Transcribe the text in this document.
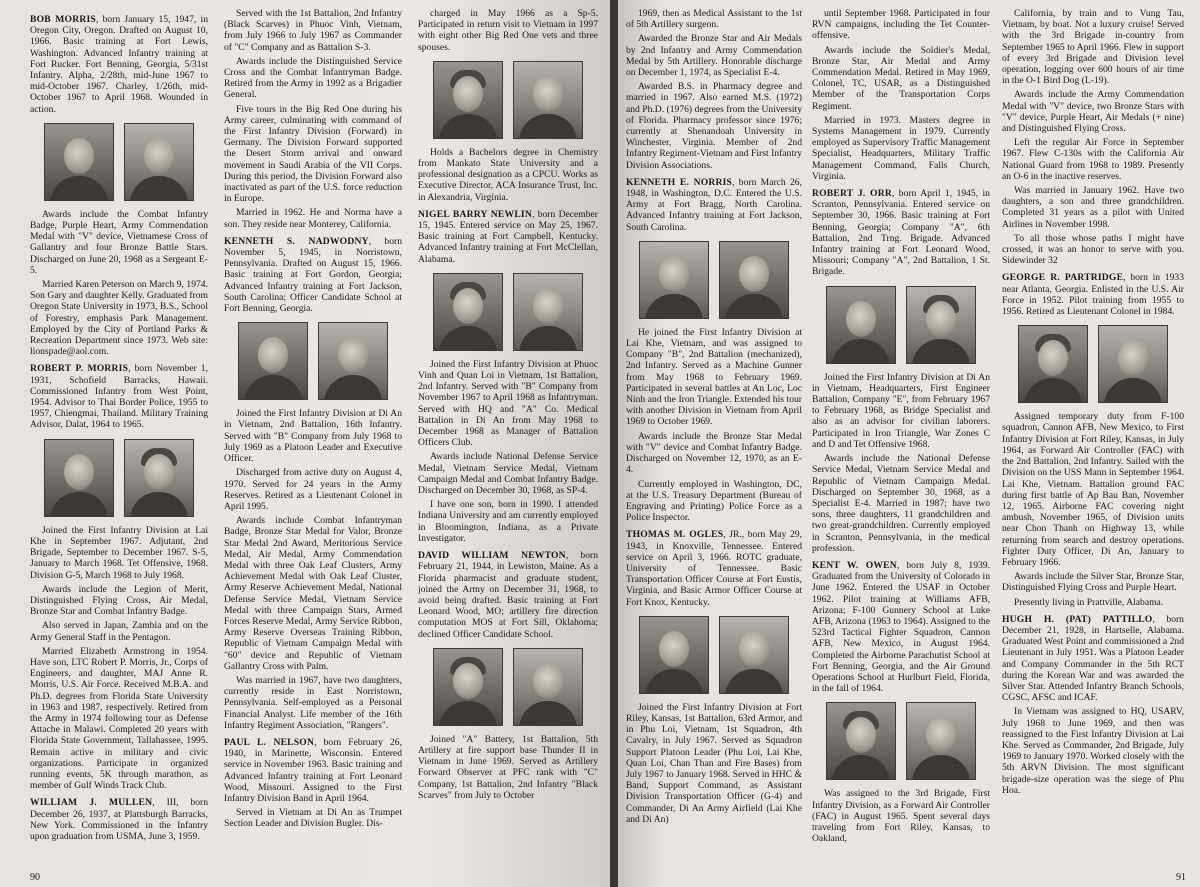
BOB MORRIS, born January 15, 1947, in Oregon City, Oregon. Drafted on August 10, 1966. Basic training at Fort Lewis, Washington. Advanced Infantry training at Fort Rucker. Fort Benning, Georgia, 5/31st Infantry. Alpha, 2/28th, mid-June 1967 to mid-October 1967. Charley, 1/26th, mid-October 1967 to April 1968. Wounded in action.

Awards include the Combat Infantry Badge, Purple Heart, Army Commendation Medal with "V" device, Vietnamese Cross of Gallantry and four Bronze Battle Stars. Discharged on June 20, 1968 as a Sergeant E-5.

Married Karen Peterson on March 9, 1974. Son Gary and daughter Kelly. Graduated from Oregon State University in 1973, B.S., School of Forestry, emphasis Park Management. Employed by the City of Portland Parks & Recreation Department since 1973. Web site: lionspade@aol.com.

ROBERT P. MORRIS, born November 1, 1931, Schofield Barracks, Hawaii. Commissioned Infantry from West Point, 1954. Advisor to Thai Border Police, 1955 to 1957, Chiengmai, Thailand. Military Training Advisor, Dalat, 1964 to 1965.

Joined the First Infantry Division at Lai Khe in September 1967. Adjutant, 2nd Brigade, September to December 1967. S-5, January to March 1968. Tet Offensive, 1968. Division G-5, March 1968 to July 1968.

Awards include the Legion of Merit, Distinguished Flying Cross, Air Medal, Bronze Star and Combat Infantry Badge.

Also served in Japan, Zambia and on the Army General Staff in the Pentagon.

Married Elizabeth Armstrong in 1954. Have son, LTC Robert P. Morris, Jr., Corps of Engineers, and daughter, MAJ Anne R. Morris, U.S. Air Force. Received M.B.A. and Ph.D. degrees from Florida State University in 1963 and 1987, respectively. Retired from the Army in 1974 following tour as Defense Attache in Malawi. Completed 20 years with Florida State Government, Tallahassee, 1995. Remain active in military and civic organizations. Participate in organized running events, 5K through marathon, as member of Gulf Winds Track Club.

WILLIAM J. MULLEN, III, born December 26, 1937, at Plattsburgh Barracks, New York. Commissioned in the Infantry upon graduation from USMA, June 3, 1959.

Served with the 1st Battalion, 2nd Infantry (Black Scarves) in Phuoc Vinh, Vietnam, from July 1966 to July 1967 as Commander of "C" Company and as Battalion S-3.

Awards include the Distinguished Service Cross and the Combat Infantryman Badge. Retired from the Army in 1992 as a Brigadier General.

Five tours in the Big Red One during his Army career, culminating with command of the First Infantry Division (Forward) in Germany. The Division Forward supported the Desert Storm arrival and onward movement in Saudi Arabia of the VII Corps. During this period, the Division Forward also inactivated as part of the U.S. force reduction in Europe.

Married in 1962. He and Norma have a son. They reside near Monterey, California.

KENNETH S. NADWODNY, born November 5, 1945, in Norristown, Pennsylvania. Drafted on August 15, 1966. Basic training at Fort Gordon, Georgia; Advanced Infantry training at Fort Jackson, South Carolina; Officer Candidate School at Fort Benning, Georgia.

Joined the First Infantry Division at Di An in Vietnam, 2nd Battalion, 16th Infantry. Served with "B" Company from July 1968 to July 1969 as a Platoon Leader and Executive Officer.

Discharged from active duty on August 4, 1970. Served for 24 years in the Army Reserves. Retired as a Lieutenant Colonel in April 1995.

Awards include Combat Infantryman Badge, Bronze Star Medal for Valor, Bronze Star Medal 2nd Award, Meritorious Service Medal, Air Medal, Army Commendation Medal with three Oak Leaf Clusters, Army Achievement Medal with Oak Leaf Cluster, Army Reserve Achievement Medal, National Defense Service Medal, Vietnam Service Medal with three Campaign Stars, Armed Forces Reserve Medal, Army Service Ribbon, Army Reserve Overseas Training Ribbon, Republic of Vietnam Campaign Medal with "60" device and Republic of Vietnam Gallantry Cross with Palm.

Was married in 1967, have two daughters, currently reside in East Norristown, Pennsylvania. Self-employed as a Personal Financial Analyst. Life member of the 16th Infantry Regiment Association, "Rangers".

PAUL L. NELSON, born February 26, 1940, in Marinette, Wisconsin. Entered service in November 1963. Basic training and Advanced Infantry training at Fort Leonard Wood, Missouri. Assigned to the First Infantry Division Band in April 1964.

Served in Vietnam at Di An as Trumpet Section Leader and Division Bugler. Dis-

charged in May 1966 as a Sp-5. Participated in return visit to Vietnam in 1997 with eight other Big Red One vets and three spouses.

Holds a Bachelors degree in Chemistry from Mankato State University and a professional designation as a CPCU. Works as Executive Director, ACA Insurance Trust, Inc. in Alexandria, Virginia.

NIGEL BARRY NEWLIN, born December 15, 1945. Entered service on May 25, 1967. Basic training at Fort Campbell, Kentucky. Advanced Infantry training at Fort McClellan, Alabama.

Joined the First Infantry Division at Phuoc Vinh and Quan Loi in Vietnam, 1st Battalion, 2nd Infantry. Served with "B" Company from November 1967 to April 1968 as Infantryman. Served with HQ and "A" Co. Medical Battalion in Di An from May 1968 to December 1968 as Manager of Battalion Officers Club.

Awards include National Defense Service Medal, Vietnam Service Medal, Vietnam Campaign Medal and Combat Infantry Badge. Discharged on December 30, 1968, as SP-4.

I have one son, born in 1990. I attended Indiana University and am currently employed in Bloomington, Indiana, as a Private Investigator.

DAVID WILLIAM NEWTON, born February 21, 1944, in Lewiston, Maine. As a Florida pharmacist and graduate student, joined the Army on December 31, 1968, to avoid being drafted. Basic training at Fort Leonard Wood, MO; artillery fire direction computation MOS at Fort Sill, Oklahoma; declined Officer Candidate School.

Joined "A" Battery, 1st Battalion, 5th Artillery at fire support base Thunder II in Vietnam in June 1969. Served as Artillery Forward Observer at PFC rank with "C" Company, 1st Battalion, 2nd Infantry "Black Scarves" from July to October

90

1969, then as Medical Assistant to the 1st of 5th Artillery surgeon.

Awarded the Bronze Star and Air Medals by 2nd Infantry and Army Commendation Medal by 5th Artillery. Honorable discharge on December 1, 1974, as Specialist E-4.

Awarded B.S. in Pharmacy degree and married in 1967. Also earned M.S. (1972) and Ph.D. (1976) degrees from the University of Florida. Pharmacy professor since 1976; currently at Shenandoah University in Winchester, Virginia. Member of 2nd Infantry Regiment-Vietnam and First Infantry Division Associations.

KENNETH E. NORRIS, born March 26, 1948, in Washington, D.C. Entered the U.S. Army at Fort Bragg, North Carolina. Advanced Infantry training at Fort Jackson, South Carolina.

He joined the First Infantry Division at Lai Khe, Vietnam, and was assigned to Company "B", 2nd Battalion (mechanized), 2nd Infantry. Served as a Machine Gunner from May 1968 to February 1969. Participated in several battles at An Loc, Loc Ninh and the Iron Triangle. Extended his tour with another Division in Vietnam from April 1969 to October 1969.

Awards include the Bronze Star Medal with "V" device and Combat Infantry Badge. Discharged on November 12, 1970, as an E-4.

Currently employed in Washington, DC, at the U.S. Treasury Department (Bureau of Engraving and Printing) Police Force as a Police Inspector.

THOMAS M. OGLES, JR., born May 29, 1943, in Knoxville, Tennessee. Entered service on April 3, 1966. ROTC graduate, University of Tennessee. Basic Transportation Officer Course at Fort Eustis, Virginia, and Basic Armor Officer Course at Fort Knox, Kentucky.

Joined the First Infantry Division at Fort Riley, Kansas, 1st Battalion, 63rd Armor, and in Phu Loi, Vietnam, 1st Squadron, 4th Cavalry, in July 1967. Served as Squadron Support Platoon Leader (Phu Loi, Lai Khe, Quan Loi, Chan Than and Fire Bases) from July 1967 to January 1968. Served in HHC & Band, Support Command, as Assistant Division Transportation Officer (G-4) and Commander, Di An Army Airfield (Lai Khe and Di An)

until September 1968. Participated in four RVN campaigns, including the Tet Counter-offensive.

Awards include the Soldier's Medal, Bronze Star, Air Medal and Army Commendation Medal. Retired in May 1969, Colonel, TC, USAR, as a Distinguished Member of the Transportation Corps Regiment.

Married in 1973. Masters degree in Systems Management in 1979. Currently employed as Supervisory Traffic Management Specialist, Headquarters, Military Traffic Management Command, Falls Church, Virginia.

ROBERT J. ORR, born April 1, 1945, in Scranton, Pennsylvania. Entered service on September 30, 1966. Basic training at Fort Benning, Georgia; Company "A", 6th Battalion, 2nd Trng. Brigade. Advanced Infantry training at Fort Leonard Wood, Missouri; Company "A", 2nd Battalion, 1 St. Brigade.

Joined the First Infantry Division at Di An in Vietnam, Headquarters, First Engineer Battalion, Company "E", from February 1967 to February 1968, as Bridge Specialist and also as an advisor for civilian laborers. Participated in Iron Triangle, War Zones C and D and Tet Offensive 1968.

Awards include the National Defense Service Medal, Vietnam Service Medal and Republic of Vietnam Campaign Medal. Discharged on September 30, 1968, as a Specialist E-4. Married in 1987; have two sons, three daughters, 11 grandchildren and two great-grandchildren. Currently employed in Scranton, Pennsylvania, in the medical profession.

KENT W. OWEN, born July 8, 1939. Graduated from the University of Colorado in June 1962. Entered the USAF in October 1962. Pilot training at Williams AFB, Arizona; F-100 Gunnery School at Luke AFB, Arizona (1963 to 1964). Assigned to the 523rd Tactical Fighter Squadron, Cannon AFB, New Mexico, in August 1964. Completed the Airborne Parachutist School at Fort Benning, Georgia, and the Air Ground Operations School at Hurlburt Field, Florida, in the fall of 1964.

Was assigned to the 3rd Brigade, First Infantry Division, as a Forward Air Controller (FAC) in August 1965. Spent several days traveling from Fort Riley, Kansas, to Oakland,

California, by train and to Vung Tau, Vietnam, by boat. Not a luxury cruise! Served with the 3rd Brigade in-country from September 1965 to April 1966. Flew in support of every 3rd Brigade and Division level operation, logging over 600 hours of air time in the O-1 Bird Dog (L-19).

Awards include the Army Commendation Medal with "V" device, two Bronze Stars with "V" device, Purple Heart, Air Medals (+ nine) and Distinguished Flying Cross.

Left the regular Air Force in September 1967. Flew C-130s with the California Air National Guard from 1968 to 1989. Presently an O-6 in the inactive reserves.

Was married in January 1962. Have two daughters, a son and three grandchildren. Completed 31 years as a pilot with United Airlines in November 1998.

To all those whose paths I might have crossed, it was an honor to serve with you. Sidewinder 32

GEORGE R. PARTRIDGE, born in 1933 near Atlanta, Georgia. Enlisted in the U.S. Air Force in 1952. Pilot training from 1955 to 1956. Retired as Lieutenant Colonel in 1984.

Assigned temporary duty from F-100 squadron, Cannon AFB, New Mexico, to First Infantry Division at Fort Riley, Kansas, in July 1964, as Forward Air Controller (FAC) with the 2nd Battalion, 2nd Infantry. Sailed with the Division on the USS Mann in September 1964. Lai Khe, Vietnam. Battalion ground FAC during first battle of Ap Bau Ban, November 12, 1965. Airborne FAC covering night ambush, November 1965, of Division units near Chon Thanh on Highway 13, while returning from search and destroy operations. Fighter Duty Officer, Di An, January to February 1966.

Awards include the Silver Star, Bronze Star, Distinguished Flying Cross and Purple Heart.

Presently living in Prattville, Alabama.

HUGH H. (PAT) PATTILLO, born December 21, 1928, in Hartselle, Alabama. Graduated West Point and commissioned a 2nd Lieutenant in July 1951. Was a Platoon Leader and Company Commander in the 5th RCT during the Korean War and was awarded the Silver Star. Attended Infantry Branch Schools, CGSC, AFSC and ICAF.

In Vietnam was assigned to HQ, USARV, July 1968 to June 1969, and then was reassigned to the First Infantry Division at Lai Khe. Served as Commander, 2nd Brigade, July 1969 to January 1970. Worked closely with the 5th ARVN Division. The most significant brigade-size operation was the siege of Phu Hoa.

91
